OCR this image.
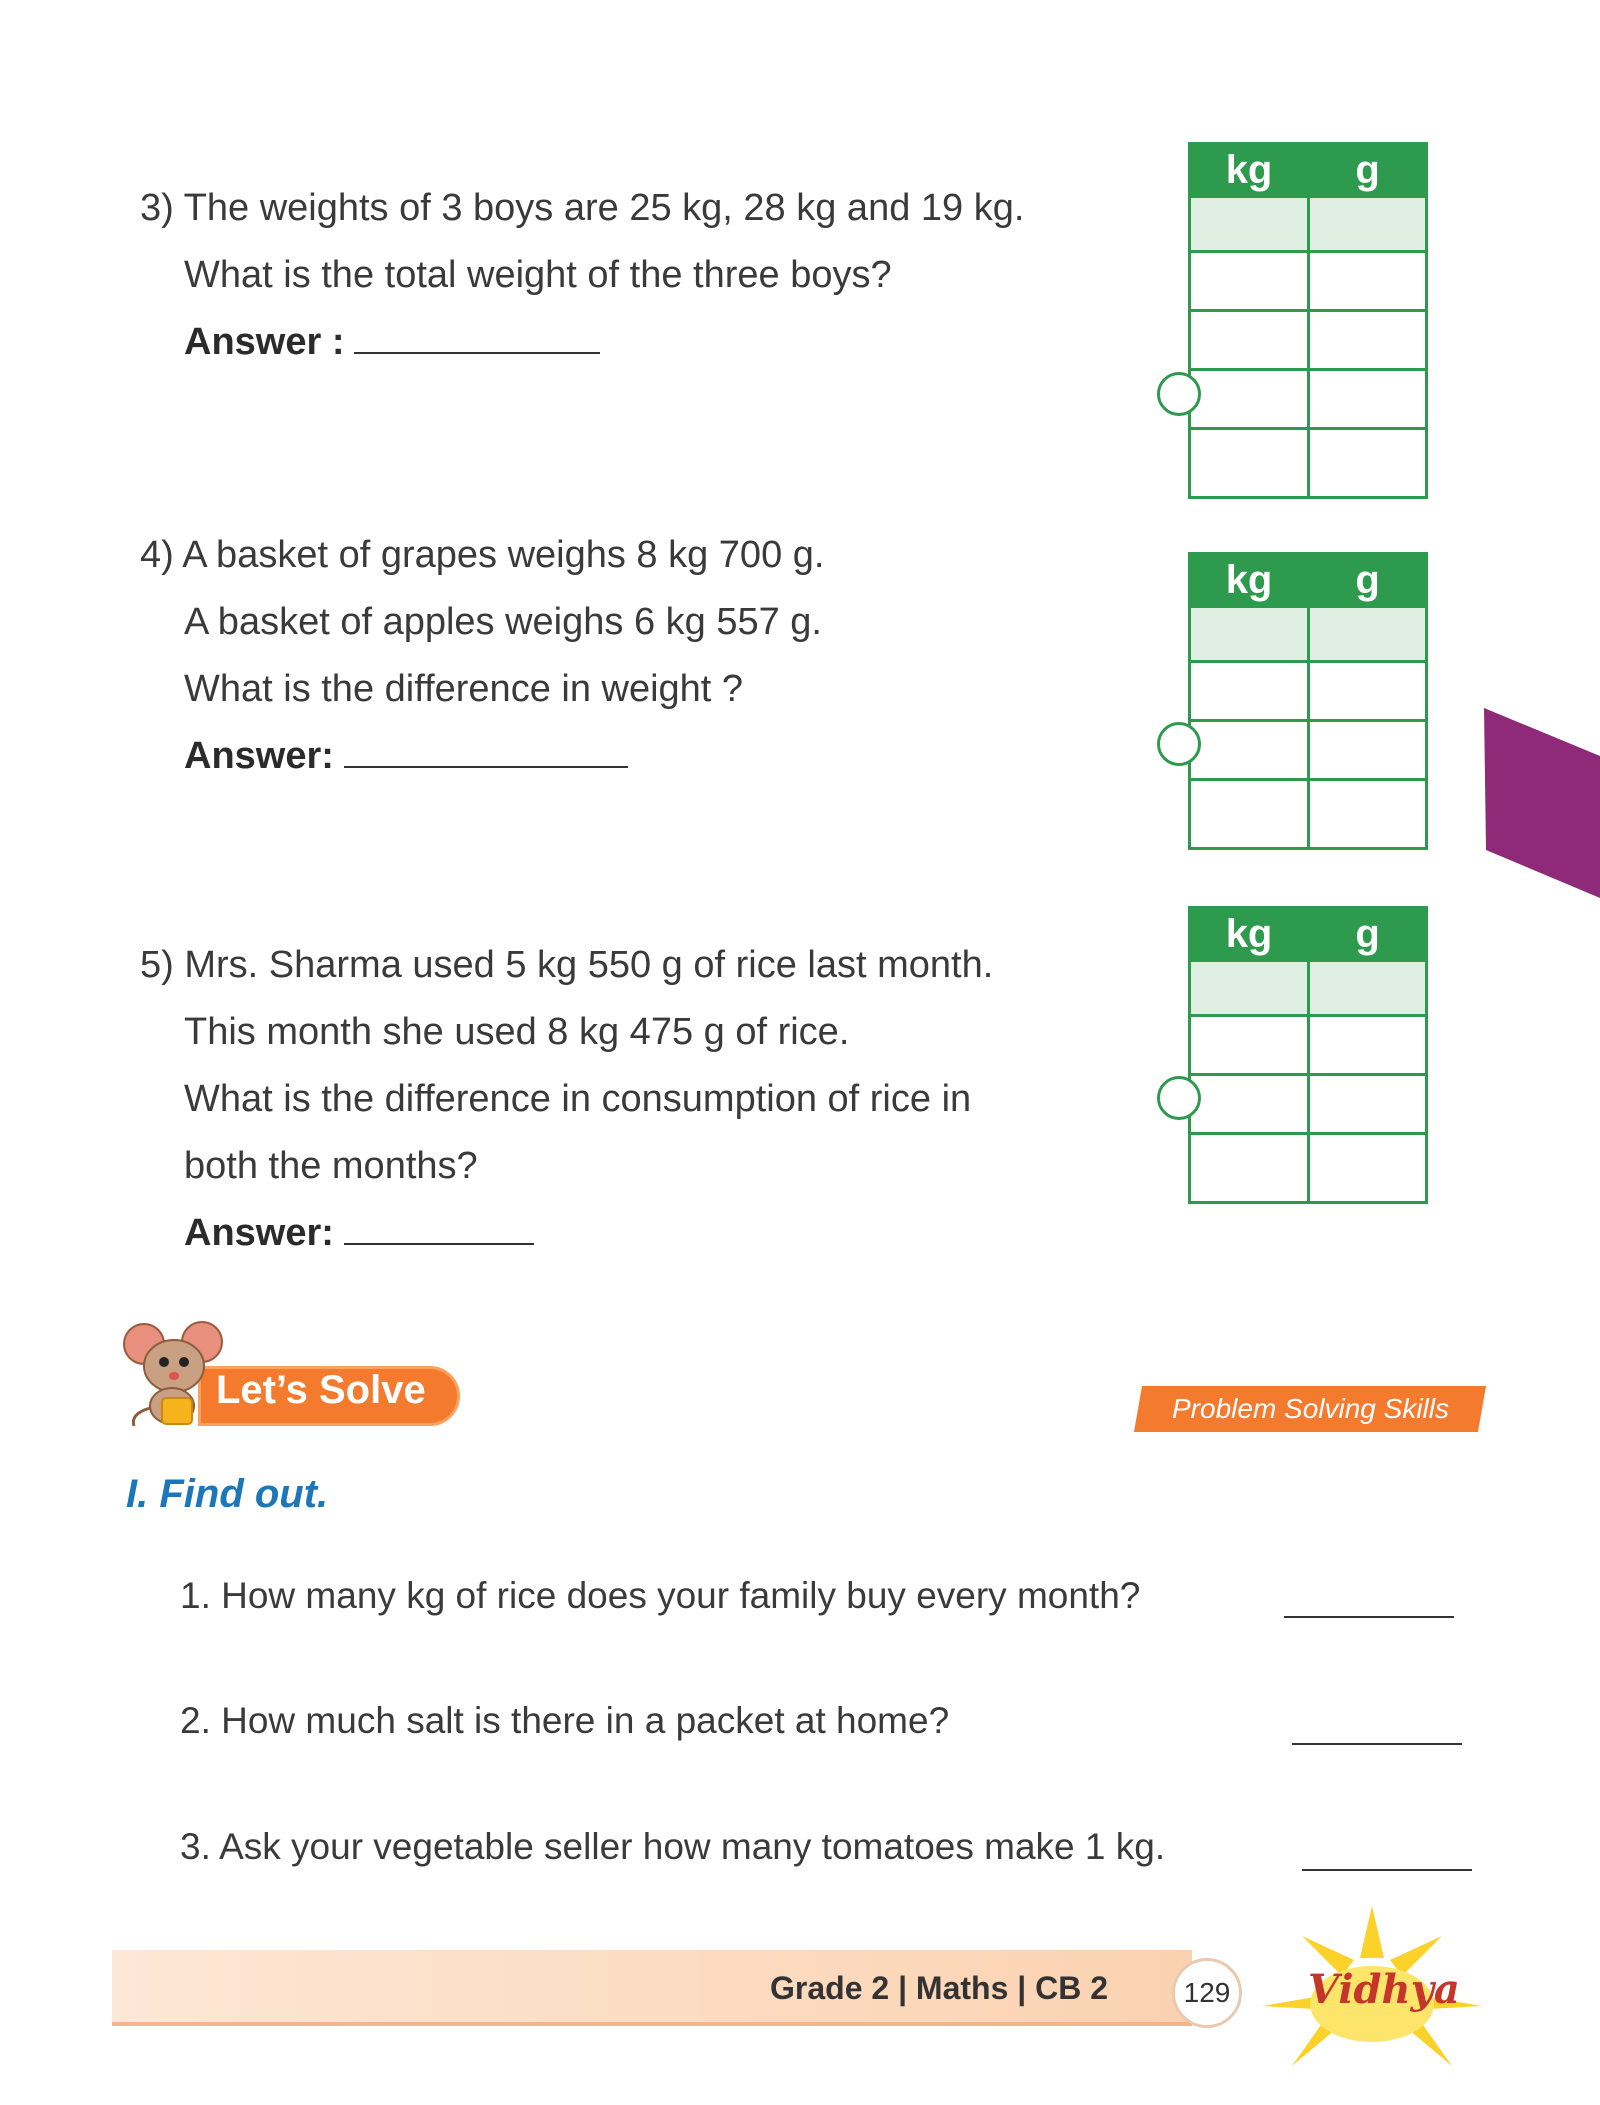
3) The weights of 3 boys are 25 kg, 28 kg and 19 kg.
What is the total weight of the three boys?
Answer :
4) A basket of grapes weighs 8 kg 700 g.
A basket of apples weighs 6 kg 557 g.
What is the difference in weight ?
Answer:
5) Mrs. Sharma used 5 kg 550 g of rice last month.
This month she used 8 kg 475 g of rice.
What is the difference in consumption of rice in
both the months?
Answer:
kg	g

kg	g

kg	g

Let’s Solve	Problem Solving Skills
I. Find out.
1. How many kg of rice does your family buy every month?
2. How much salt is there in a packet at home?
3. Ask your vegetable seller how many tomatoes make 1 kg.
Grade 2 | Maths | CB 2	129 Vidhya
